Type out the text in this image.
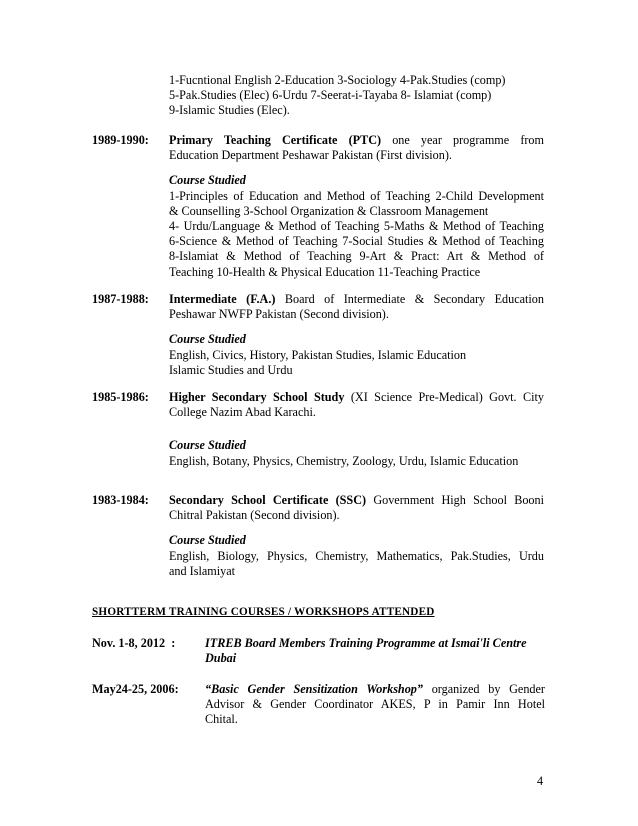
1-Fucntional English 2-Education 3-Sociology 4-Pak.Studies (comp)
5-Pak.Studies (Elec) 6-Urdu 7-Seerat-i-Tayaba 8- Islamiat (comp)
9-Islamic Studies (Elec).
1989-1990: Primary Teaching Certificate (PTC) one year programme from
Education Department Peshawar Pakistan (First division).
Course Studied
1-Principles of Education and Method of Teaching 2-Child Development
& Counselling 3-School Organization & Classroom Management
4- Urdu/Language & Method of Teaching 5-Maths & Method of Teaching
6-Science & Method of Teaching 7-Social Studies & Method of Teaching
8-Islamiat & Method of Teaching 9-Art & Pract: Art & Method of
Teaching 10-Health & Physical Education 11-Teaching Practice
1987-1988: Intermediate (F.A.) Board of Intermediate & Secondary Education
Peshawar NWFP Pakistan (Second division).
Course Studied
English, Civics, History, Pakistan Studies, Islamic Education
Islamic Studies and Urdu
1985-1986: Higher Secondary School Study (XI Science Pre-Medical) Govt. City
College Nazim Abad Karachi.
Course Studied
English, Botany, Physics, Chemistry, Zoology, Urdu, Islamic Education
1983-1984: Secondary School Certificate (SSC) Government High School Booni
Chitral Pakistan (Second division).
Course Studied
English, Biology, Physics, Chemistry, Mathematics, Pak.Studies, Urdu
and Islamiyat
SHORTTERM TRAINING COURSES / WORKSHOPS ATTENDED
Nov. 1-8, 2012  : ITREB Board Members Training Programme at Ismai'li Centre
Dubai
May24-25, 2006: “Basic Gender Sensitization Workshop” organized by Gender
Advisor & Gender Coordinator AKES, P in Pamir Inn Hotel
Chital.
4
